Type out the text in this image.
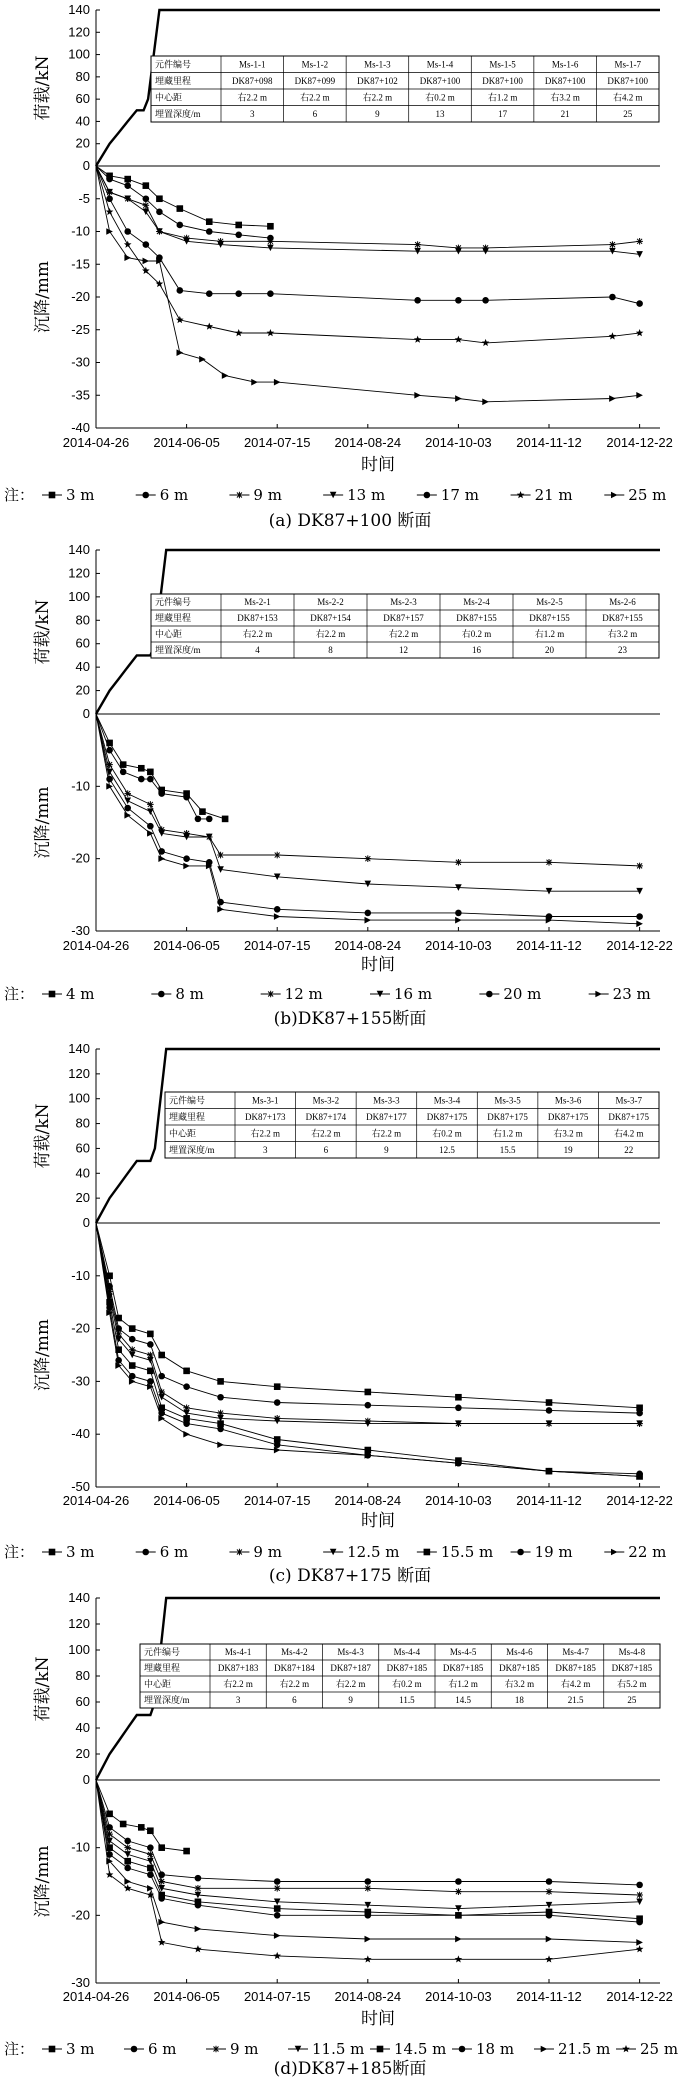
140
120
100
80
60
40
20
0
-5
-10
-15
-20
-25
-30
-35
-40
2014-04-26 2014-06-05 2014-07-15 2014-08-24 2014-10-03 2014-11-12 2014-12-22
荷载/kN
沉降/mm
时间
元件编号	Ms-1-1	Ms-1-2	Ms-1-3	Ms-1-4	Ms-1-5	Ms-1-6	Ms-1-7
埋藏里程	DK87+098 DK87+099 DK87+102 DK87+100 DK87+100 DK87+100 DK87+100
中心距	右2.2 m	右2.2 m	右2.2 m	右0.2 m	右1.2 m	右3.2 m	右4.2 m
埋置深度/m	3	6	9	13	17	21	25
注： 3 m	6 m	9 m	13 m	17 m	21 m	25 m
(a) DK87+100 断面
140
120
100
80
60
40
20
0
-10
-20
-30
2014-04-26 2014-06-05 2014-07-15 2014-08-24 2014-10-03 2014-11-12 2014-12-22
荷载/kN
沉降/mm
时间
元件编号	Ms-2-1	Ms-2-2	Ms-2-3	Ms-2-4	Ms-2-5	Ms-2-6
埋藏里程	DK87+153	DK87+154	DK87+157	DK87+155	DK87+155	DK87+155
中心距	右2.2 m	右2.2 m	右2.2 m	右0.2 m	右1.2 m	右3.2 m
埋置深度/m	4	8	12	16	20	23
注： 4 m	8 m	12 m	16 m	20 m	23 m
(b)DK87+155断面
140
120
100
80
60
40
20
0
-10
-20
-30
-40
-50
2014-04-26 2014-06-05 2014-07-15 2014-08-24 2014-10-03 2014-11-12 2014-12-22
荷载/kN
沉降/mm
时间
元件编号	Ms-3-1	Ms-3-2	Ms-3-3	Ms-3-4	Ms-3-5	Ms-3-6	Ms-3-7
埋藏里程	DK87+173 DK87+174 DK87+177 DK87+175 DK87+175 DK87+175 DK87+175
中心距	右2.2 m	右2.2 m	右2.2 m	右0.2 m	右1.2 m	右3.2 m	右4.2 m
埋置深度/m	3	6	9	12.5	15.5	19	22
注： 3 m	6 m	9 m	12.5 m	15.5 m	19 m	22 m
(c) DK87+175 断面
140
120
100
80
60
40
20
0
-10
-20
-30
2014-04-26 2014-06-05 2014-07-15 2014-08-24 2014-10-03 2014-11-12 2014-12-22
荷载/kN
沉降/mm
时间
元件编号	Ms-4-1	Ms-4-2	Ms-4-3	Ms-4-4	Ms-4-5	Ms-4-6	Ms-4-7	Ms-4-8
埋藏里程	DK87+183 DK87+184 DK87+187 DK87+185 DK87+185 DK87+185 DK87+185 DK87+185
中心距	右2.2 m	右2.2 m	右2.2 m	右0.2 m	右1.2 m	右3.2 m	右4.2 m	右5.2 m
埋置深度/m	3	6	9	11.5	14.5	18	21.5	25
注： 3 m	6 m	9 m	11.5 m 14.5 m 18 m	21.5 m 25 m
(d)DK87+185断面
